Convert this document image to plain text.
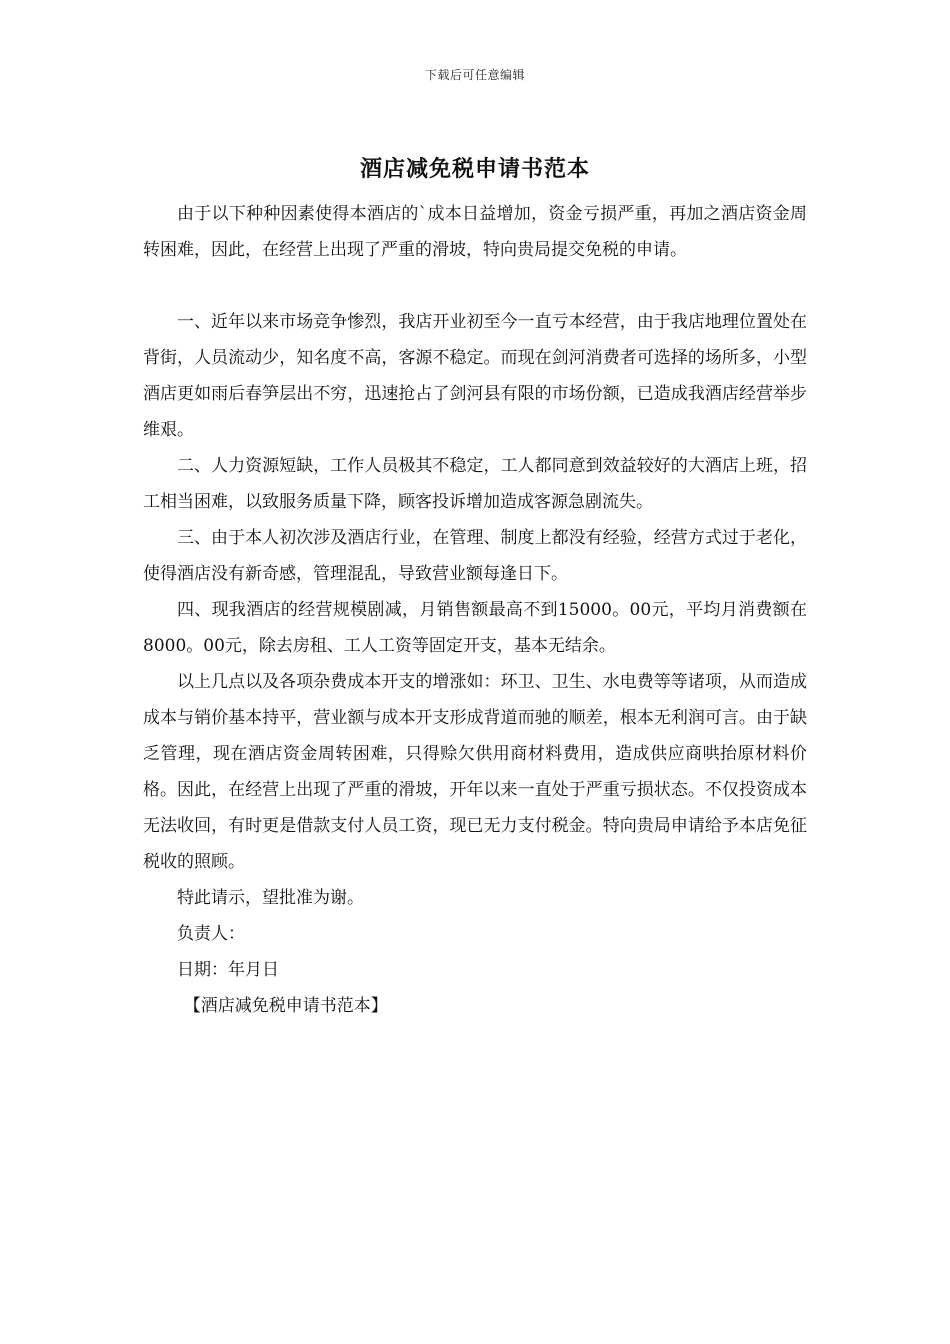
下载后可任意编辑
酒店减免税申请书范本

由于以下种种因素使得本酒店的`成本日益增加，资金亏损严重，再加之酒店资金周转困难，因此，在经营上出现了严重的滑坡，特向贵局提交免税的申请。

一、近年以来市场竞争惨烈，我店开业初至今一直亏本经营，由于我店地理位置处在背街，人员流动少，知名度不高，客源不稳定。而现在剑河消费者可选择的场所多，小型酒店更如雨后春笋层出不穷，迅速抢占了剑河县有限的市场份额，已造成我酒店经营举步维艰。

二、人力资源短缺，工作人员极其不稳定，工人都同意到效益较好的大酒店上班，招工相当困难，以致服务质量下降，顾客投诉增加造成客源急剧流失。

三、由于本人初次涉及酒店行业，在管理、制度上都没有经验，经营方式过于老化，使得酒店没有新奇感，管理混乱，导致营业额每逢日下。

四、现我酒店的经营规模剧减，月销售额最高不到15000。00元，平均月消费额在8000。00元，除去房租、工人工资等固定开支，基本无结余。

以上几点以及各项杂费成本开支的增涨如：环卫、卫生、水电费等等诸项，从而造成成本与销价基本持平，营业额与成本开支形成背道而驰的顺差，根本无利润可言。由于缺乏管理，现在酒店资金周转困难，只得赊欠供用商材料费用，造成供应商哄抬原材料价格。因此，在经营上出现了严重的滑坡，开年以来一直处于严重亏损状态。不仅投资成本无法收回，有时更是借款支付人员工资，现已无力支付税金。特向贵局申请给予本店免征税收的照顾。

特此请示，望批准为谢。

负责人：

日期：年月日

【酒店减免税申请书范本】
